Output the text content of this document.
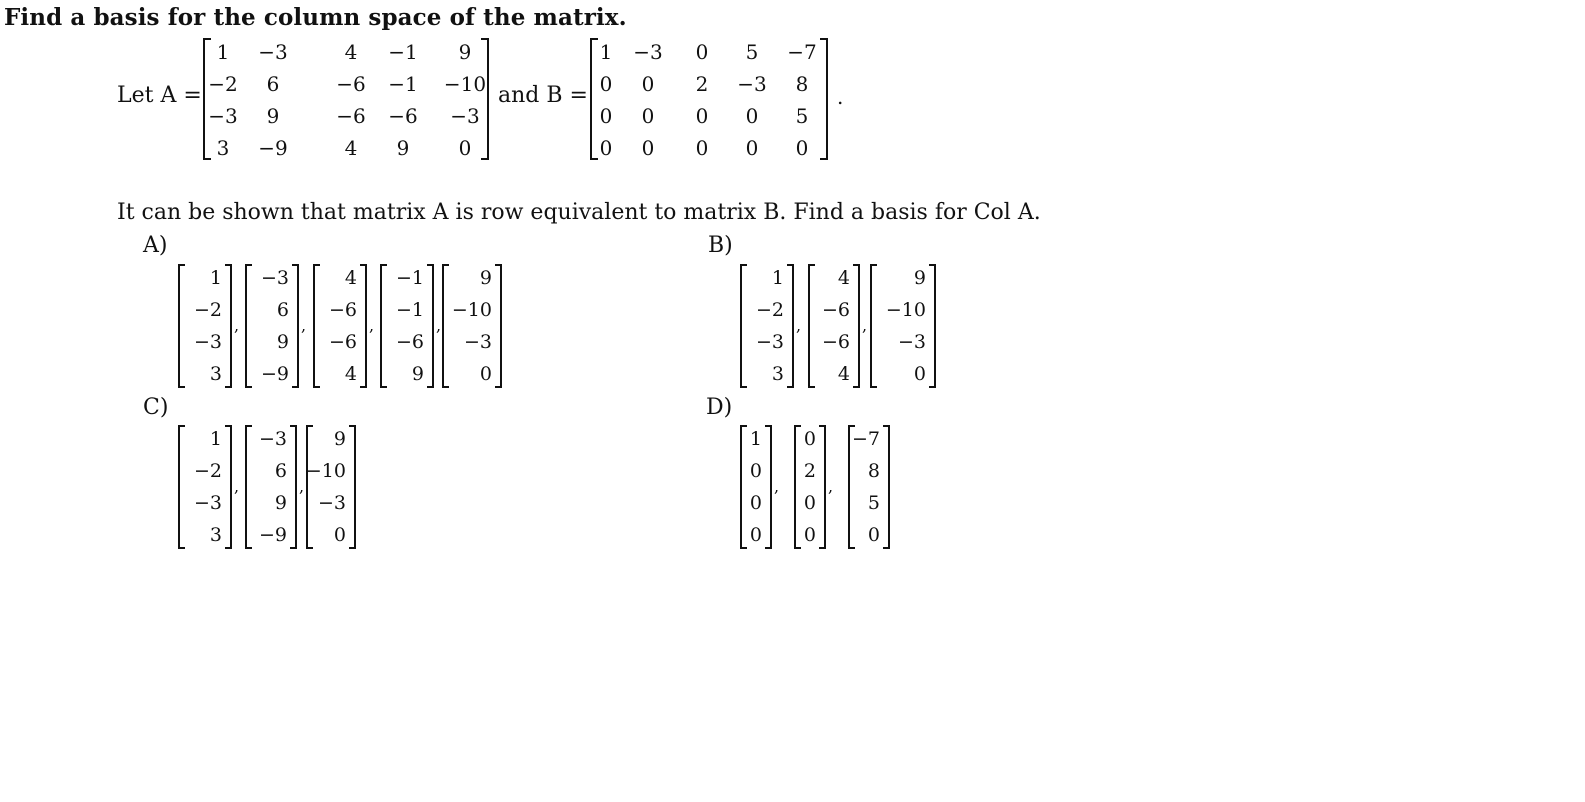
Find a basis for the column space of the matrix.
Let A =
1 −3	4 −1 9
−2 6	−6 −1 −10
−3 9	−6 −6 −3
3 −9	4 9 0
and B =
1 −3 0 5 −7
0 0 2 −3 8
0 0 0 0 5
0 0 0 0 0
.
It can be shown that matrix A is row equivalent to matrix B. Find a basis for Col A.
A)
1
−2
−3
3
,
−3
6
9
−9
,
4
−6
−6
4
,
−1
−1
−6
9
,
9
−10
−3
0
B)
1
−2
−3
3
,
4
−6
−6
4
,
9
−10
−3
0
C)
1
−2
−3
3
,
−3
6
9
−9
,
9
−10
−3
0
D)
1
0
0
0
,
0
2
0
0
,
−7
8
5
0
